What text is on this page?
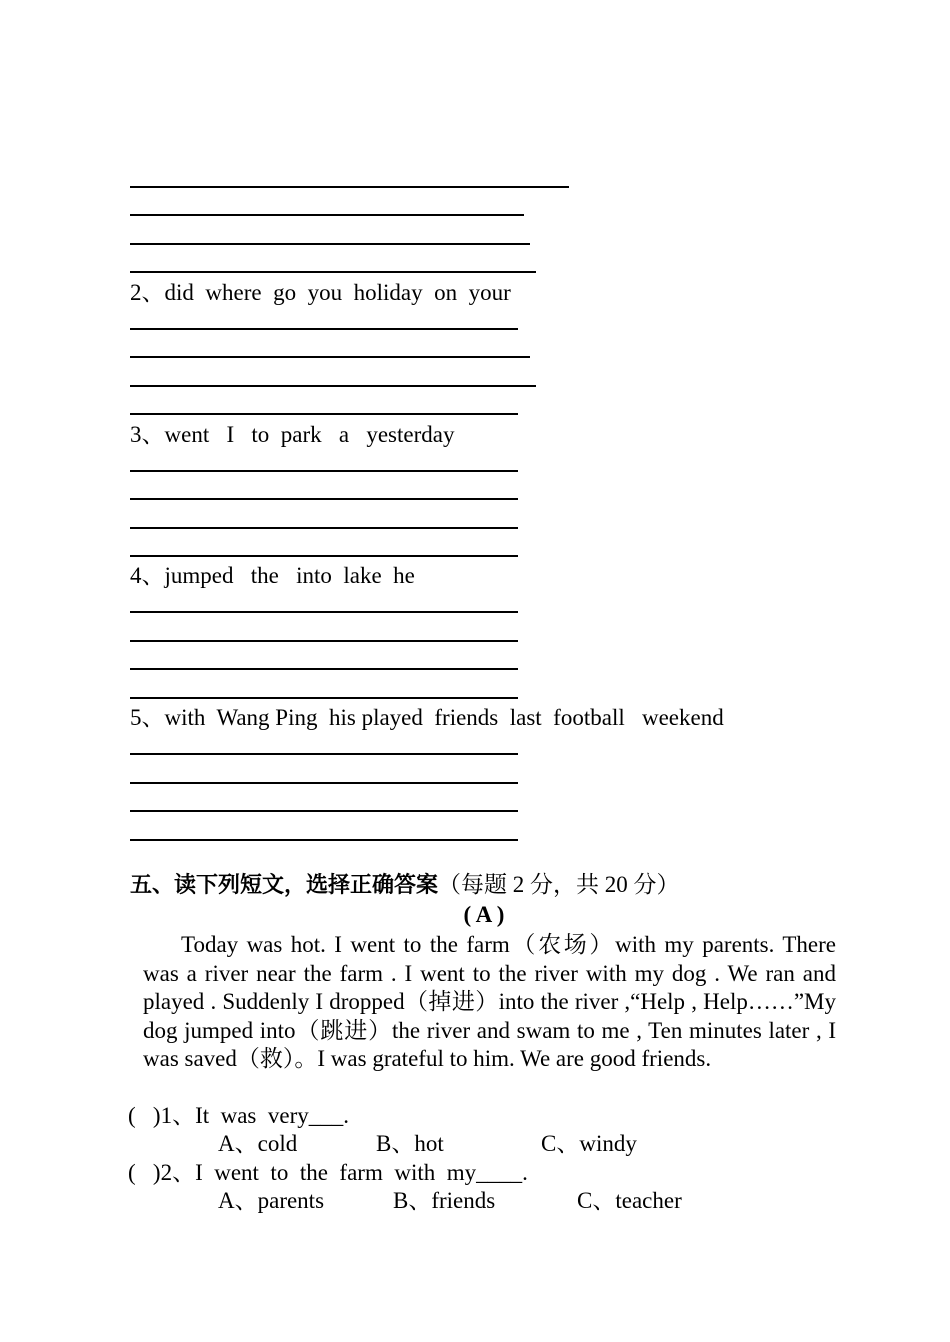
2、did  where  go  you  holiday  on  your
3、went   I   to  park   a   yesterday
4、jumped   the   into  lake  he
5、with  Wang Ping  his played  friends  last  football   weekend
五、读下列短文，选择正确答案（每题 2 分，共 20 分）
( A )
Today was hot. I went to the farm（农场）with my parents. There was a river near the farm . I went to the river with my dog . We ran and played . Suddenly I dropped（掉进）into the river ,“Help , Help……”My dog jumped into（跳进）the river and swam to me , Ten minutes later , I was saved（救）。I was grateful to him. We are good friends.
(   )1、It  was  very___.
A、cold	B、hot	C、windy
(   )2、I  went  to  the  farm  with  my____.
A、parents	B、friends	C、teacher
